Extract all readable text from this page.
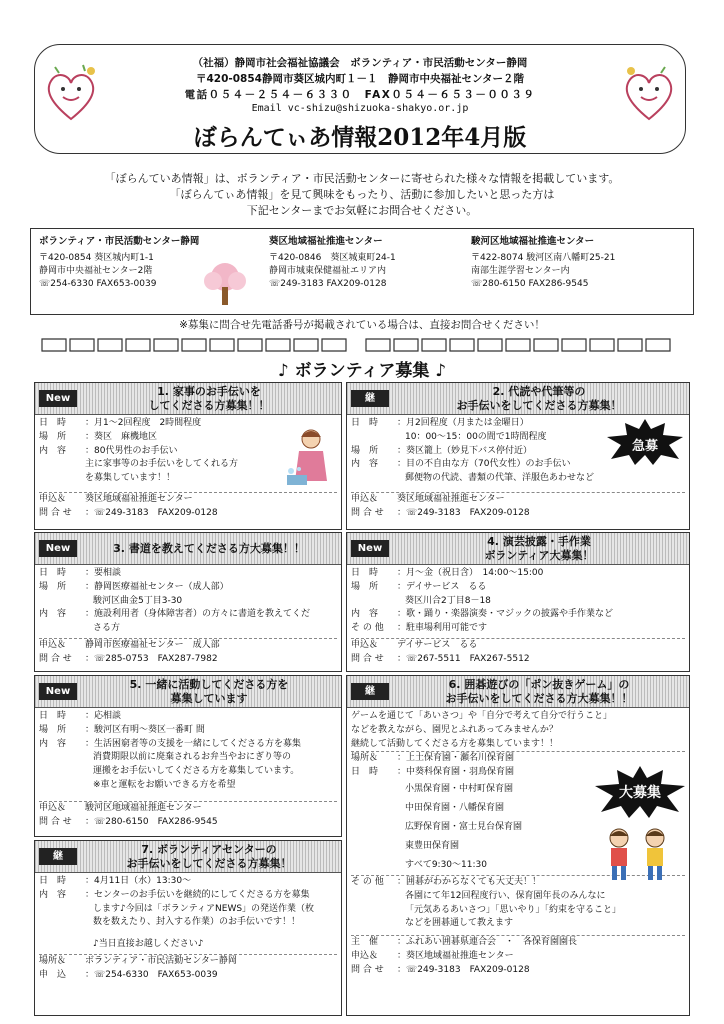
（社福）静岡市社会福祉協議会　ボランティア・市民活動センター静岡
〒420-0854静岡市葵区城内町１－１　静岡市中央福祉センター２階
電話０５４－２５４－６３３０　FAX０５４－６５３－００３９
Email vc-shizu@shizuoka-shakyo.or.jp
ぼらんてぃあ情報2012年4月版
「ぼらんていあ情報」は、ボランティア・市民活動センターに寄せられた様々な情報を掲載しています。
「ぼらんてぃあ情報」を見て興味をもったり、活動に参加したいと思った方は
下記センターまでお気軽にお問合せください。
ボランティア・市民活動センター静岡
〒420-0854 葵区城内町1-1
静岡市中央福祉センター2階
☏254-6330 FAX653-0039
葵区地域福祉推進センター
〒420-0846　葵区城東町24-1
静岡市城東保健福祉エリア内
☏249-3183 FAX209-0128
駿河区地域福祉推進センター
〒422-8074 駿河区南八幡町25-21
南部生涯学習センター内
☏280-6150 FAX286-9545
※募集に問合せ先電話番号が掲載されている場合は、直接お問合せください！
♪ ボランティア募集 ♪
New
1. 家事のお手伝いを
してくださる方募集！！
日　時	：月1～2回程度　2時間程度
場　所	：葵区　麻機地区
内　容	：80代男性のお手伝い
主に家事等のお手伝いをしてくれる方
を募集しています！！
申込＆	葵区地域福祉推進センター
問 合 せ	：☏249-3183　FAX209-0128
継
2. 代読や代筆等の
お手伝いをしてくださる方募集！
日　時	：月2回程度（月または金曜日）
10：00～15：00の間で1時間程度
場　所	：葵区籠上（妙見下バス停付近）
内　容	：目の不自由な方（70代女性）のお手伝い
郵便物の代読、書類の代筆、洋服色あわせなど
申込＆	葵区地域福祉推進センター
問 合 せ	：☏249-3183　FAX209-0128
急募
New	3. 書道を教えてくださる方大募集！！
日　時	：要相談
場　所	：静岡医療福祉センター（成人部）
駿河区曲金5丁目3-30
内　容	：施設利用者（身体障害者）の方々に書道を教えてくだ
さる方
申込＆	静岡市医療福祉センター　成人部
問 合 せ	：☏285-0753　FAX287-7982
New
4. 演芸披露・手作業
ボランティア大募集！
日　時	：月～金（祝日含）　14:00～15:00
場　所	：デイサービス　るる
葵区川合2丁目8－18
内　容	：歌・踊り・楽器演奏・マジックの披露や手作業など
そ の 他	：駐車場利用可能です
申込＆	デイサービス　るる
問 合 せ	：☏267-5511　FAX267-5512
New
5. 一緒に活動してくださる方を
募集しています
日　時	：応相談
場　所	：駿河区有明～葵区一番町 間
内　容	：生活困窮者等の支援を一緒にしてくださる方を募集
消費期限以前に廃棄されるお弁当やおにぎり等の
運搬をお手伝いしてくださる方を募集しています。
※車と運転をお願いできる方を希望
申込＆	駿河区地域福祉推進センター
問 合 せ	：☏280-6150　FAX286-9545
継
6. 囲碁遊びの「ポン抜きゲーム」の
お手伝いをしてくださる方大募集！！
ゲームを通じて「あいさつ」や「自分で考えて自分で行うこと」
などを教えながら、園児とふれあってみませんか？
継続して活動してくださる方を募集しています！！
場所＆	：上土保育園・瀬名川保育園
日　時	：中葵科保育園・羽鳥保育園
小黒保育園・中村町保育園
中田保育園・八幡保育園
広野保育園・富士見台保育園
東豊田保育園
すべて9:30～11:30
そ の 他	：囲碁がわからなくても大丈夫！！
各園にて年12回程度行い、保育園年長のみんなに
「元気あるあいさつ」「思いやり」「約束を守ること」
などを囲碁通して教えます
主　催	：ふれあい囲碁県連合会　・　各保育園園長
申込＆	：葵区地域福祉推進センター
問 合 せ	：☏249-3183　FAX209-0128
大募集
継
7. ボランティアセンターの
お手伝いをしてくださる方募集！
日　時	：4月11日（水）13:30～
内　容	：センターのお手伝いを継続的にしてくださる方を募集
します♪今回は「ボランティアNEWS」の発送作業（枚
数を数えたり、封入する作業）のお手伝いです！！
♪当日直接お越しください♪
場所＆	ボランティア・市民活動センター静岡
申　込	：☏254-6330　FAX653-0039
